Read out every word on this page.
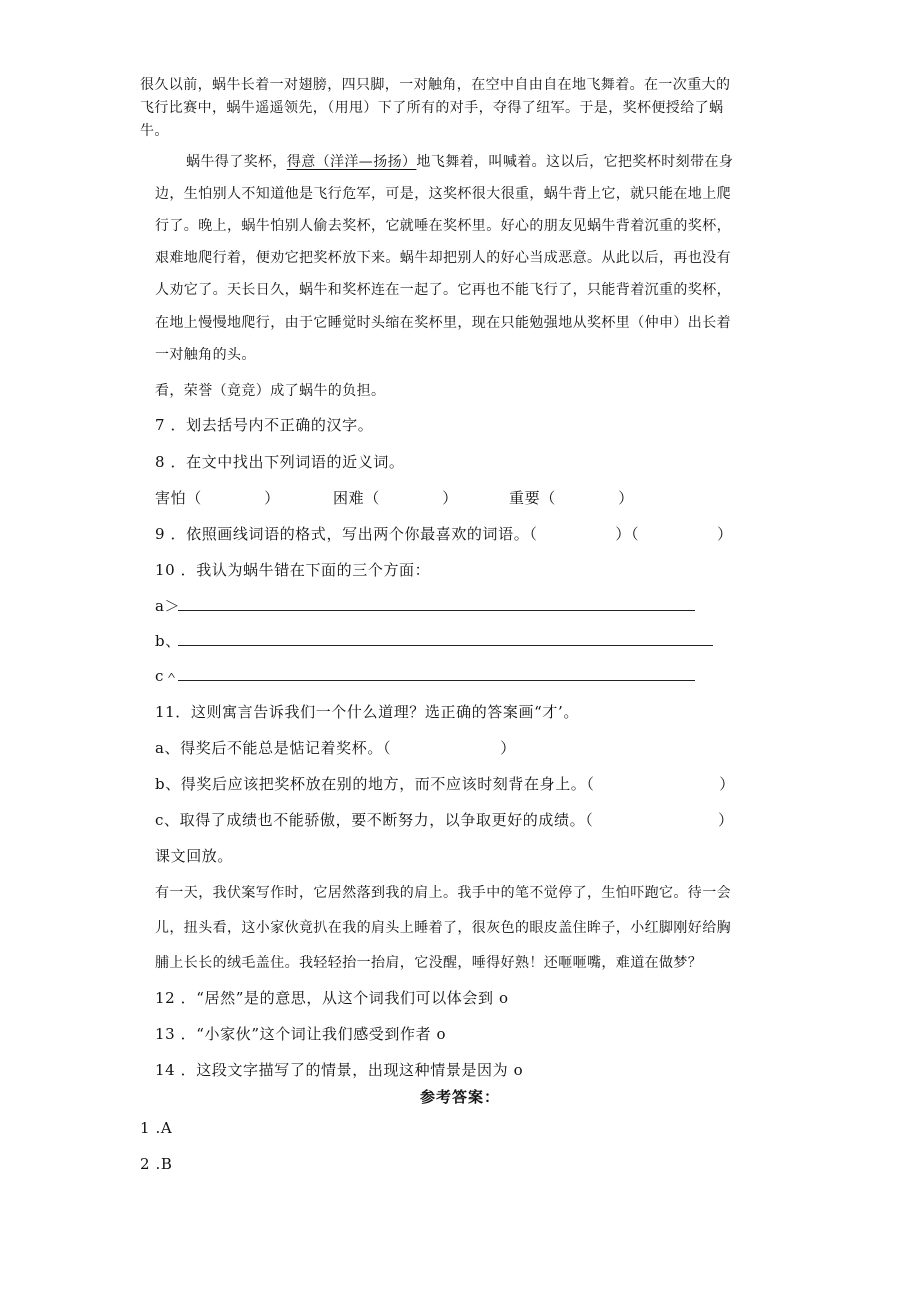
很久以前，蜗牛长着一对翅膀，四只脚，一对触角，在空中自由自在地飞舞着。在一次重大的
飞行比赛中，蜗牛遥遥领先，（用甩）下了所有的对手，夺得了纽军。于是，奖杯便授给了蜗
牛。
蜗牛得了奖杯，得意（洋洋—扬扬）地飞舞着，叫喊着。这以后，它把奖杯时刻带在身
边，生怕别人不知道他是飞行危军，可是，这奖杯很大很重，蜗牛背上它，就只能在地上爬
行了。晚上，蜗牛怕别人偷去奖杯，它就唾在奖杯里。好心的朋友见蜗牛背着沉重的奖杯，
艰难地爬行着，便劝它把奖杯放下来。蜗牛却把别人的好心当成恶意。从此以后，再也没有
人劝它了。天长日久，蜗牛和奖杯连在一起了。它再也不能飞行了，只能背着沉重的奖杯，
在地上慢慢地爬行，由于它睡觉时头缩在奖杯里，现在只能勉强地从奖杯里（仲申）出长着
一对触角的头。
看，荣誉（竟竞）成了蜗牛的负担。
7 ．划去括号内不正确的汉字。
8 ．在文中找出下列词语的近义词。
害怕（　　　　）	困难（　　　　）	重要（　　　　）
9 ．依照画线词语的格式，写出两个你最喜欢的词语。（　　　　　）（　　　　　）
10 ．我认为蜗牛错在下面的三个方面：
a＞
b、
c＾
11．这则寓言告诉我们一个什么道理？选正确的答案画“才’。
a、得奖后不能总是惦记着奖杯。（　　　　　　　）
b、得奖后应该把奖杯放在别的地方，而不应该时刻背在身上。（　　　　　　　　）
c、取得了成绩也不能骄傲，要不断努力，以争取更好的成绩。（　　　　　　　　）
课文回放。
有一天，我伏案写作时，它居然落到我的肩上。我手中的笔不觉停了，生怕吓跑它。待一会
儿，扭头看，这小家伙竟扒在我的肩头上睡着了，很灰色的眼皮盖住眸子，小红脚刚好给胸
脯上长长的绒毛盖住。我轻轻抬一抬肩，它没醒，唾得好熟！还咂咂嘴，难道在做梦？
12 ．“居然”是的意思，从这个词我们可以体会到 o
13 ．“小家伙”这个词让我们感受到作者 o
14 ．这段文字描写了的情景，出现这种情景是因为 o
参考答案：
1 .A
2 .B
